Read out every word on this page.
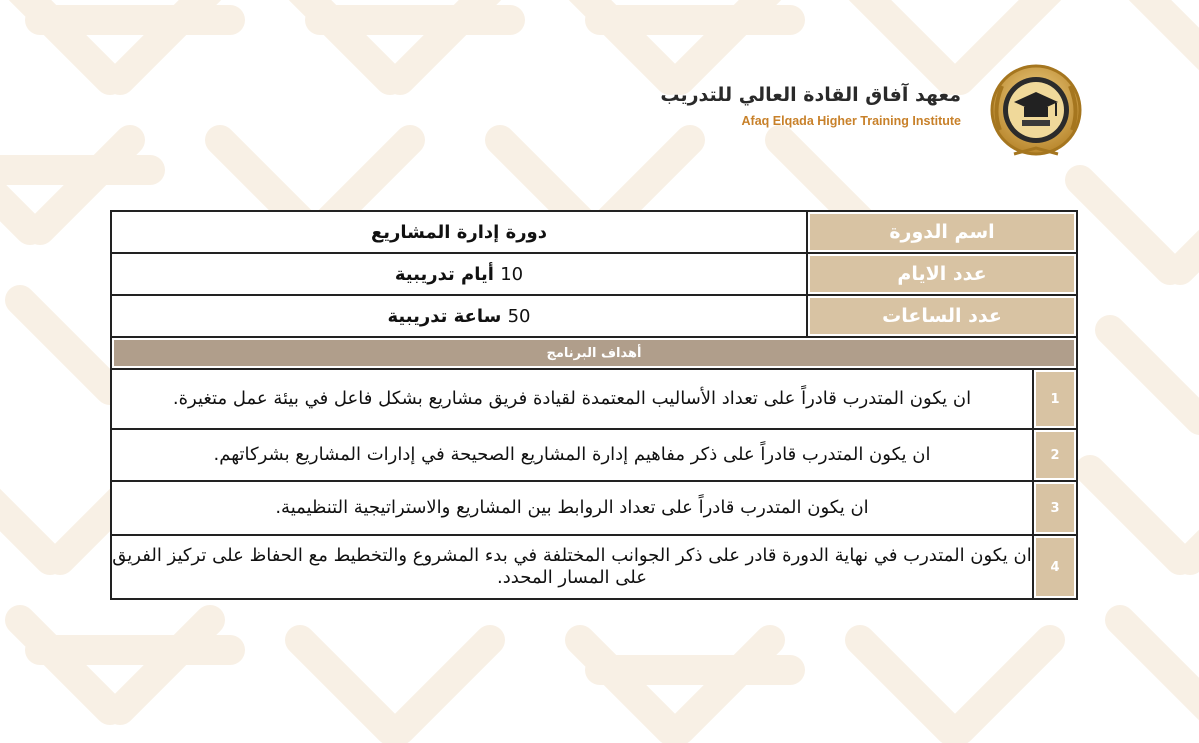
معهد آفاق القادة العالي للتدريب
Afaq Elqada Higher Training Institute
اسم الدورة		دورة إدارة المشاريع
عدد الايام		10 أيام تدريبية
عدد الساعات		50 ساعة تدريبية
أهداف البرنامج		
1	ان يكون المتدرب قادراً على تعداد الأساليب المعتمدة لقيادة فريق مشاريع بشكل فاعل في بيئة عمل متغيرة.	
2	ان يكون المتدرب قادراً على ذكر مفاهيم إدارة المشاريع الصحيحة في إدارات المشاريع بشركاتهم.	
3	ان يكون المتدرب قادراً على تعداد الروابط بين المشاريع والاستراتيجية التنظيمية.	
4	ان يكون المتدرب في نهاية الدورة قادر على ذكر الجوانب المختلفة في بدء المشروع والتخطيط مع الحفاظ على تركيز الفريق على المسار المحدد.	
